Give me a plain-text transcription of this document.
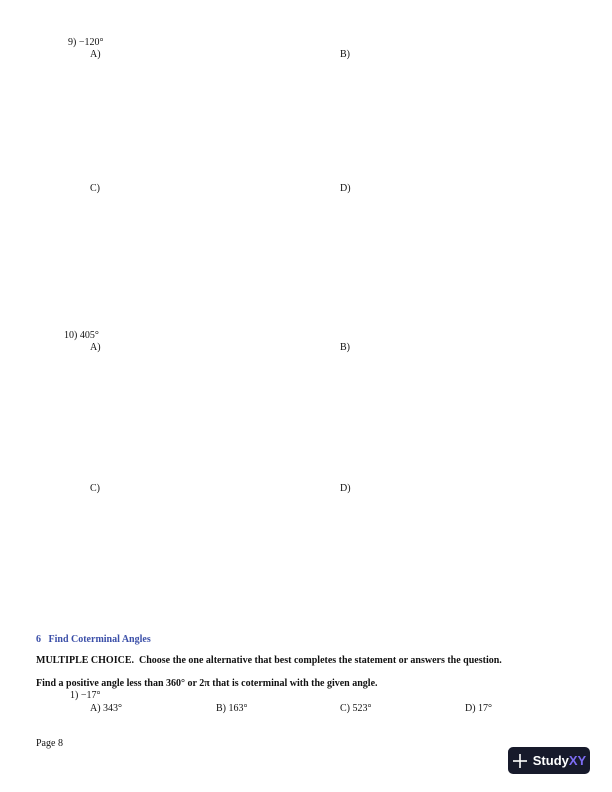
9) −120°
A)	B)
C)	D)
10) 405°
A)	B)
C)	D)
6   Find Coterminal Angles
MULTIPLE CHOICE.  Choose the one alternative that best completes the statement or answers the question.
Find a positive angle less than 360° or 2π that is coterminal with the given angle.
1) −17°
A) 343°	B) 163°	C) 523°	D) 17°
Page 8
Study XY
